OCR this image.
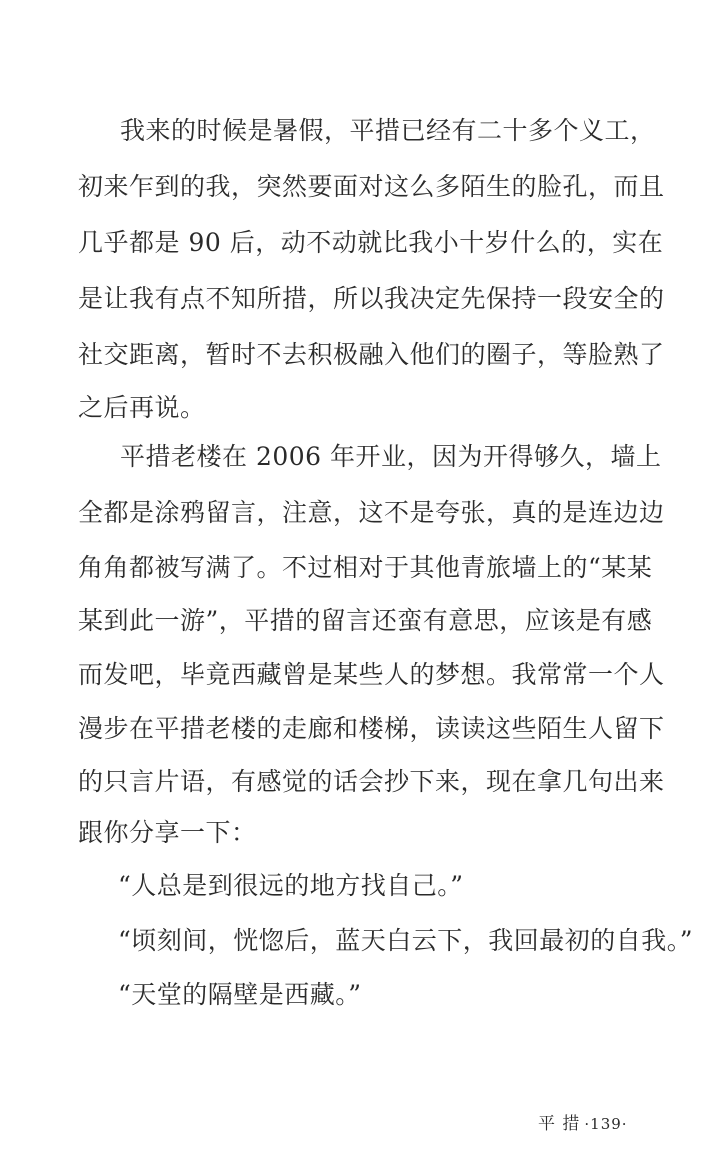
我来的时候是暑假，平措已经有二十多个义工，
初来乍到的我，突然要面对这么多陌生的脸孔，而且
几乎都是 90 后，动不动就比我小十岁什么的，实在
是让我有点不知所措，所以我决定先保持一段安全的
社交距离，暂时不去积极融入他们的圈子，等脸熟了
之后再说。
平措老楼在 2006 年开业，因为开得够久，墙上
全都是涂鸦留言，注意，这不是夸张，真的是连边边
角角都被写满了。不过相对于其他青旅墙上的“某某
某到此一游”，平措的留言还蛮有意思，应该是有感
而发吧，毕竟西藏曾是某些人的梦想。我常常一个人
漫步在平措老楼的走廊和楼梯，读读这些陌生人留下
的只言片语，有感觉的话会抄下来，现在拿几句出来
跟你分享一下：
“人总是到很远的地方找自己。”
“顷刻间，恍惚后，蓝天白云下，我回最初的自我。”
“天堂的隔壁是西藏。”
平 措 ·139·
